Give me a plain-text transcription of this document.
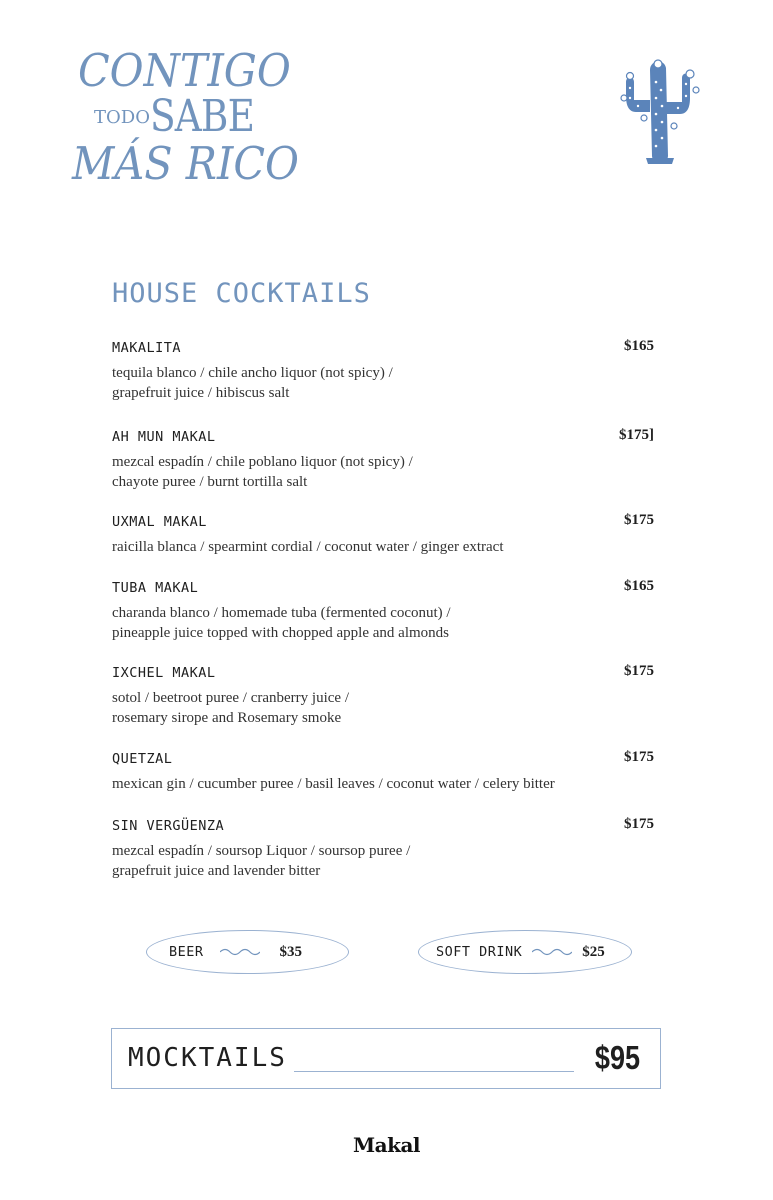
CONTIGO
TODOSABE
MÁS RICO
HOUSE COCKTAILS
MAKALITA	$165
tequila blanco / chile ancho liquor (not spicy) /
grapefruit juice / hibiscus salt
AH MUN MAKAL	$175]
mezcal espadín / chile poblano liquor (not spicy) /
chayote puree / burnt tortilla salt
UXMAL MAKAL	$175
raicilla blanca / spearmint cordial / coconut water / ginger extract
TUBA MAKAL	$165
charanda blanco / homemade tuba (fermented coconut) /
pineapple juice topped with chopped apple and almonds
IXCHEL MAKAL	$175
sotol / beetroot puree / cranberry juice /
rosemary sirope and Rosemary smoke
QUETZAL	$175
mexican gin / cucumber puree / basil leaves / coconut water / celery bitter
SIN VERGÜENZA	$175
mezcal espadín / soursop Liquor / soursop puree /
grapefruit juice and lavender bitter
BEER	$35	SOFT DRINK	$25
MOCKTAILS	$95
Makal
